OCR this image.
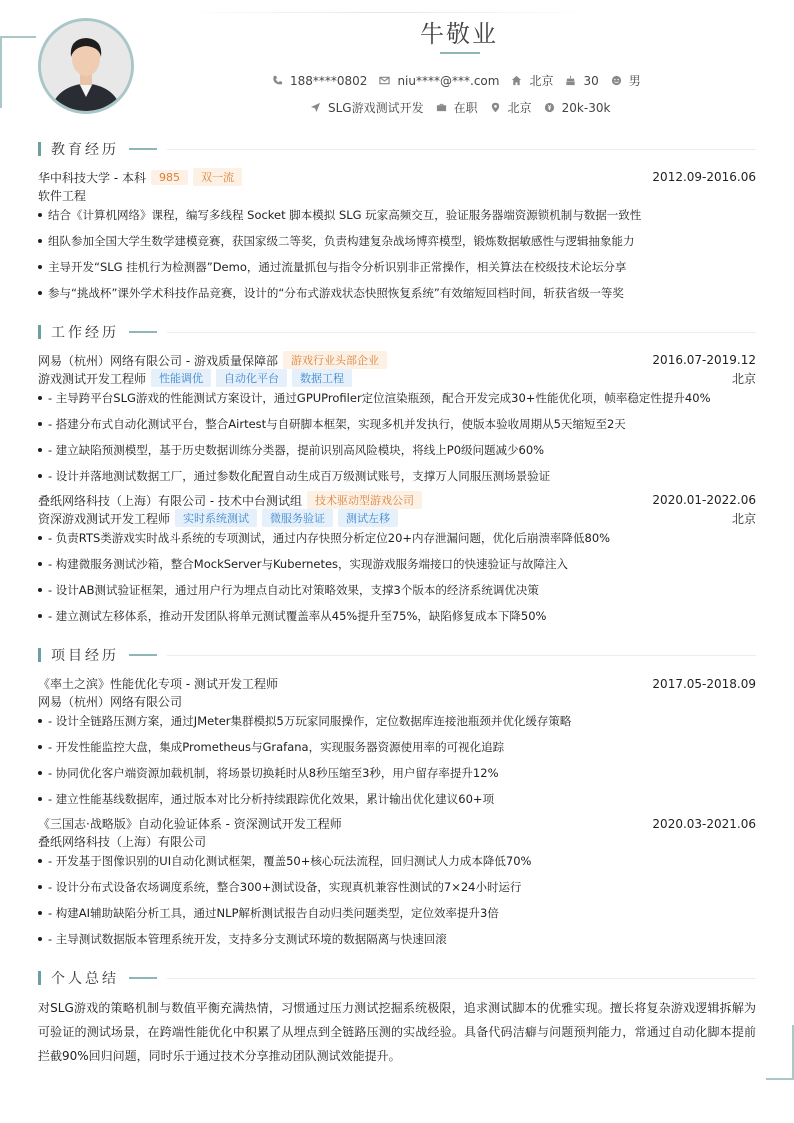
牛敬业
188****0802	niu****@***.com	北京	30	男
SLG游戏测试开发	在职	北京	20k-30k
教育经历
华中科技大学 - 本科	985	双一流	2012.09-2016.06
软件工程
结合《计算机网络》课程，编写多线程 Socket 脚本模拟 SLG 玩家高频交互，验证服务器端资源锁机制与数据一致性
组队参加全国大学生数学建模竞赛，获国家级二等奖，负责构建复杂战场博弈模型，锻炼数据敏感性与逻辑抽象能力
主导开发“SLG 挂机行为检测器”Demo，通过流量抓包与指令分析识别非正常操作，相关算法在校级技术论坛分享
参与“挑战杯”课外学术科技作品竞赛，设计的“分布式游戏状态快照恢复系统”有效缩短回档时间，斩获省级一等奖
工作经历
网易（杭州）网络有限公司 - 游戏质量保障部	游戏行业头部企业	2016.07-2019.12
游戏测试开发工程师	性能调优	自动化平台	数据工程	北京
- 主导跨平台SLG游戏的性能测试方案设计，通过GPUProfiler定位渲染瓶颈，配合开发完成30+性能优化项，帧率稳定性提升40%
- 搭建分布式自动化测试平台，整合Airtest与自研脚本框架，实现多机并发执行，使版本验收周期从5天缩短至2天
- 建立缺陷预测模型，基于历史数据训练分类器，提前识别高风险模块，将线上P0级问题减少60%
- 设计并落地测试数据工厂，通过参数化配置自动生成百万级测试账号，支撑万人同服压测场景验证
叠纸网络科技（上海）有限公司 - 技术中台测试组	技术驱动型游戏公司	2020.01-2022.06
资深游戏测试开发工程师	实时系统测试	微服务验证	测试左移	北京
- 负责RTS类游戏实时战斗系统的专项测试，通过内存快照分析定位20+内存泄漏问题，优化后崩溃率降低80%
- 构建微服务测试沙箱，整合MockServer与Kubernetes，实现游戏服务端接口的快速验证与故障注入
- 设计AB测试验证框架，通过用户行为埋点自动比对策略效果，支撑3个版本的经济系统调优决策
- 建立测试左移体系，推动开发团队将单元测试覆盖率从45%提升至75%，缺陷修复成本下降50%
项目经历
《率土之滨》性能优化专项 - 测试开发工程师	2017.05-2018.09
网易（杭州）网络有限公司
- 设计全链路压测方案，通过JMeter集群模拟5万玩家同服操作，定位数据库连接池瓶颈并优化缓存策略
- 开发性能监控大盘，集成Prometheus与Grafana，实现服务器资源使用率的可视化追踪
- 协同优化客户端资源加载机制，将场景切换耗时从8秒压缩至3秒，用户留存率提升12%
- 建立性能基线数据库，通过版本对比分析持续跟踪优化效果，累计输出优化建议60+项
《三国志·战略版》自动化验证体系 - 资深测试开发工程师	2020.03-2021.06
叠纸网络科技（上海）有限公司
- 开发基于图像识别的UI自动化测试框架，覆盖50+核心玩法流程，回归测试人力成本降低70%
- 设计分布式设备农场调度系统，整合300+测试设备，实现真机兼容性测试的7×24小时运行
- 构建AI辅助缺陷分析工具，通过NLP解析测试报告自动归类问题类型，定位效率提升3倍
- 主导测试数据版本管理系统开发，支持多分支测试环境的数据隔离与快速回滚
个人总结
对SLG游戏的策略机制与数值平衡充满热情，习惯通过压力测试挖掘系统极限，追求测试脚本的优雅实现。擅长将复杂游戏逻辑拆解为可验证的测试场景，在跨端性能优化中积累了从埋点到全链路压测的实战经验。具备代码洁癖与问题预判能力，常通过自动化脚本提前拦截90%回归问题，同时乐于通过技术分享推动团队测试效能提升。
